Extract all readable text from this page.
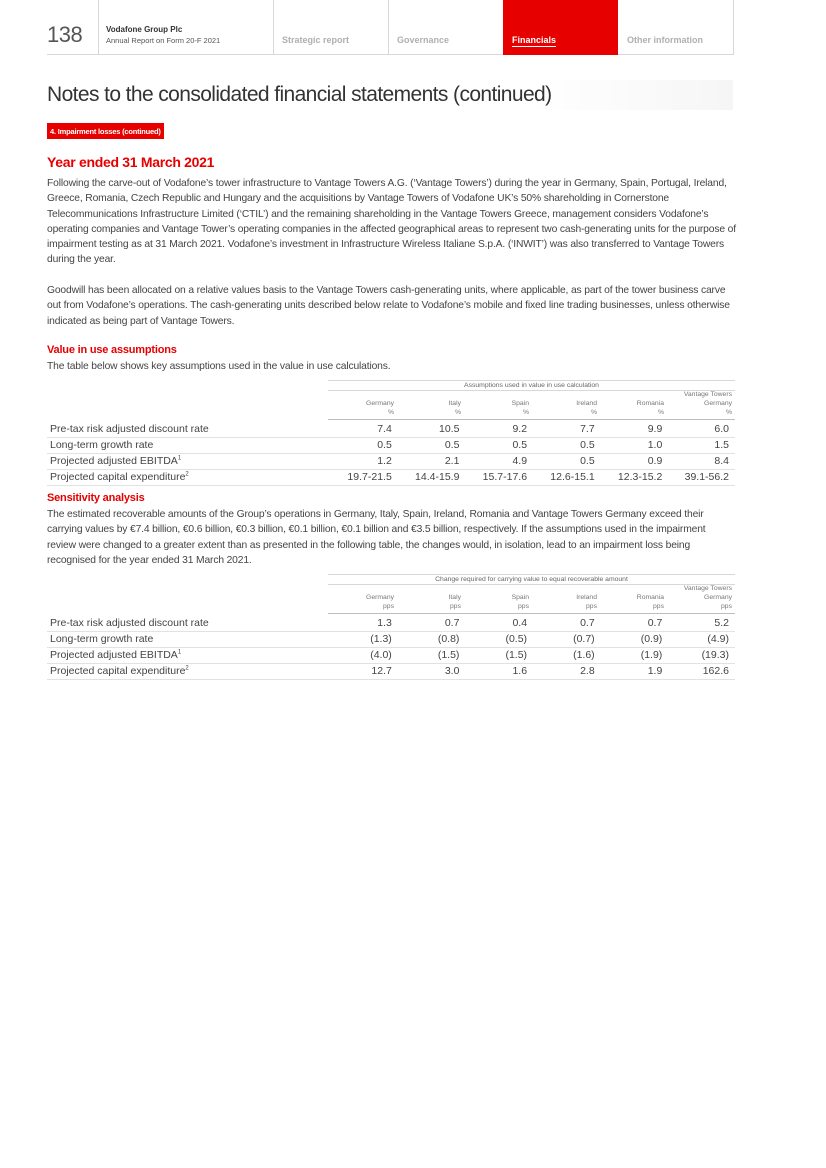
138	Vodafone Group Plc
Annual Report on Form 20-F 2021	Strategic report	Governance	Financials	Other information
Notes to the consolidated financial statements (continued)
4. Impairment losses (continued)
Year ended 31 March 2021
Following the carve-out of Vodafone’s tower infrastructure to Vantage Towers A.G. (‘Vantage Towers’) during the year in Germany, Spain, Portugal, Ireland, Greece, Romania, Czech Republic and Hungary and the acquisitions by Vantage Towers of Vodafone UK’s 50% shareholding in Cornerstone Telecommunications Infrastructure Limited (‘CTIL’) and the remaining shareholding in the Vantage Towers Greece, management considers Vodafone’s operating companies and Vantage Tower’s operating companies in the affected geographical areas to represent two cash-generating units for the purpose of impairment testing as at 31 March 2021. Vodafone’s investment in Infrastructure Wireless Italiane S.p.A. (‘INWIT’) was also transferred to Vantage Towers during the year.
Goodwill has been allocated on a relative values basis to the Vantage Towers cash-generating units, where applicable, as part of the tower business carve out from Vodafone’s operations. The cash-generating units described below relate to Vodafone’s mobile and fixed line trading businesses, unless otherwise indicated as being part of Vantage Towers.
Value in use assumptions
The table below shows key assumptions used in the value in use calculations.
Assumptions used in value in use calculation
Germany
%
Italy
%
Spain
%
Ireland
%
Romania
%
Vantage Towers
Germany
%
Pre-tax risk adjusted discount rate	7.4	10.5	9.2	7.7	9.9	6.0
Long-term growth rate	0.5	0.5	0.5	0.5	1.0	1.5
Projected adjusted EBITDA$^1$	1.2	2.1	4.9	0.5	0.9	8.4
Projected capital expenditure$^2$	19.7-21.5	14.4-15.9	15.7-17.6	12.6-15.1	12.3-15.2	39.1-56.2
Sensitivity analysis
The estimated recoverable amounts of the Group’s operations in Germany, Italy, Spain, Ireland, Romania and Vantage Towers Germany exceed their carrying values by €7.4 billion, €0.6 billion, €0.3 billion, €0.1 billion, €0.1 billion and €3.5 billion, respectively. If the assumptions used in the impairment review were changed to a greater extent than as presented in the following table, the changes would, in isolation, lead to an impairment loss being recognised for the year ended 31 March 2021.
Change required for carrying value to equal recoverable amount
Germany
pps
Italy
pps
Spain
pps
Ireland
pps
Romania
pps
Vantage Towers
Germany
pps
Pre-tax risk adjusted discount rate	1.3	0.7	0.4	0.7	0.7	5.2
Long-term growth rate	(1.3)	(0.8)	(0.5)	(0.7)	(0.9)	(4.9)
Projected adjusted EBITDA$^1$	(4.0)	(1.5)	(1.5)	(1.6)	(1.9)	(19.3)
Projected capital expenditure$^2$	12.7	3.0	1.6	2.8	1.9	162.6
